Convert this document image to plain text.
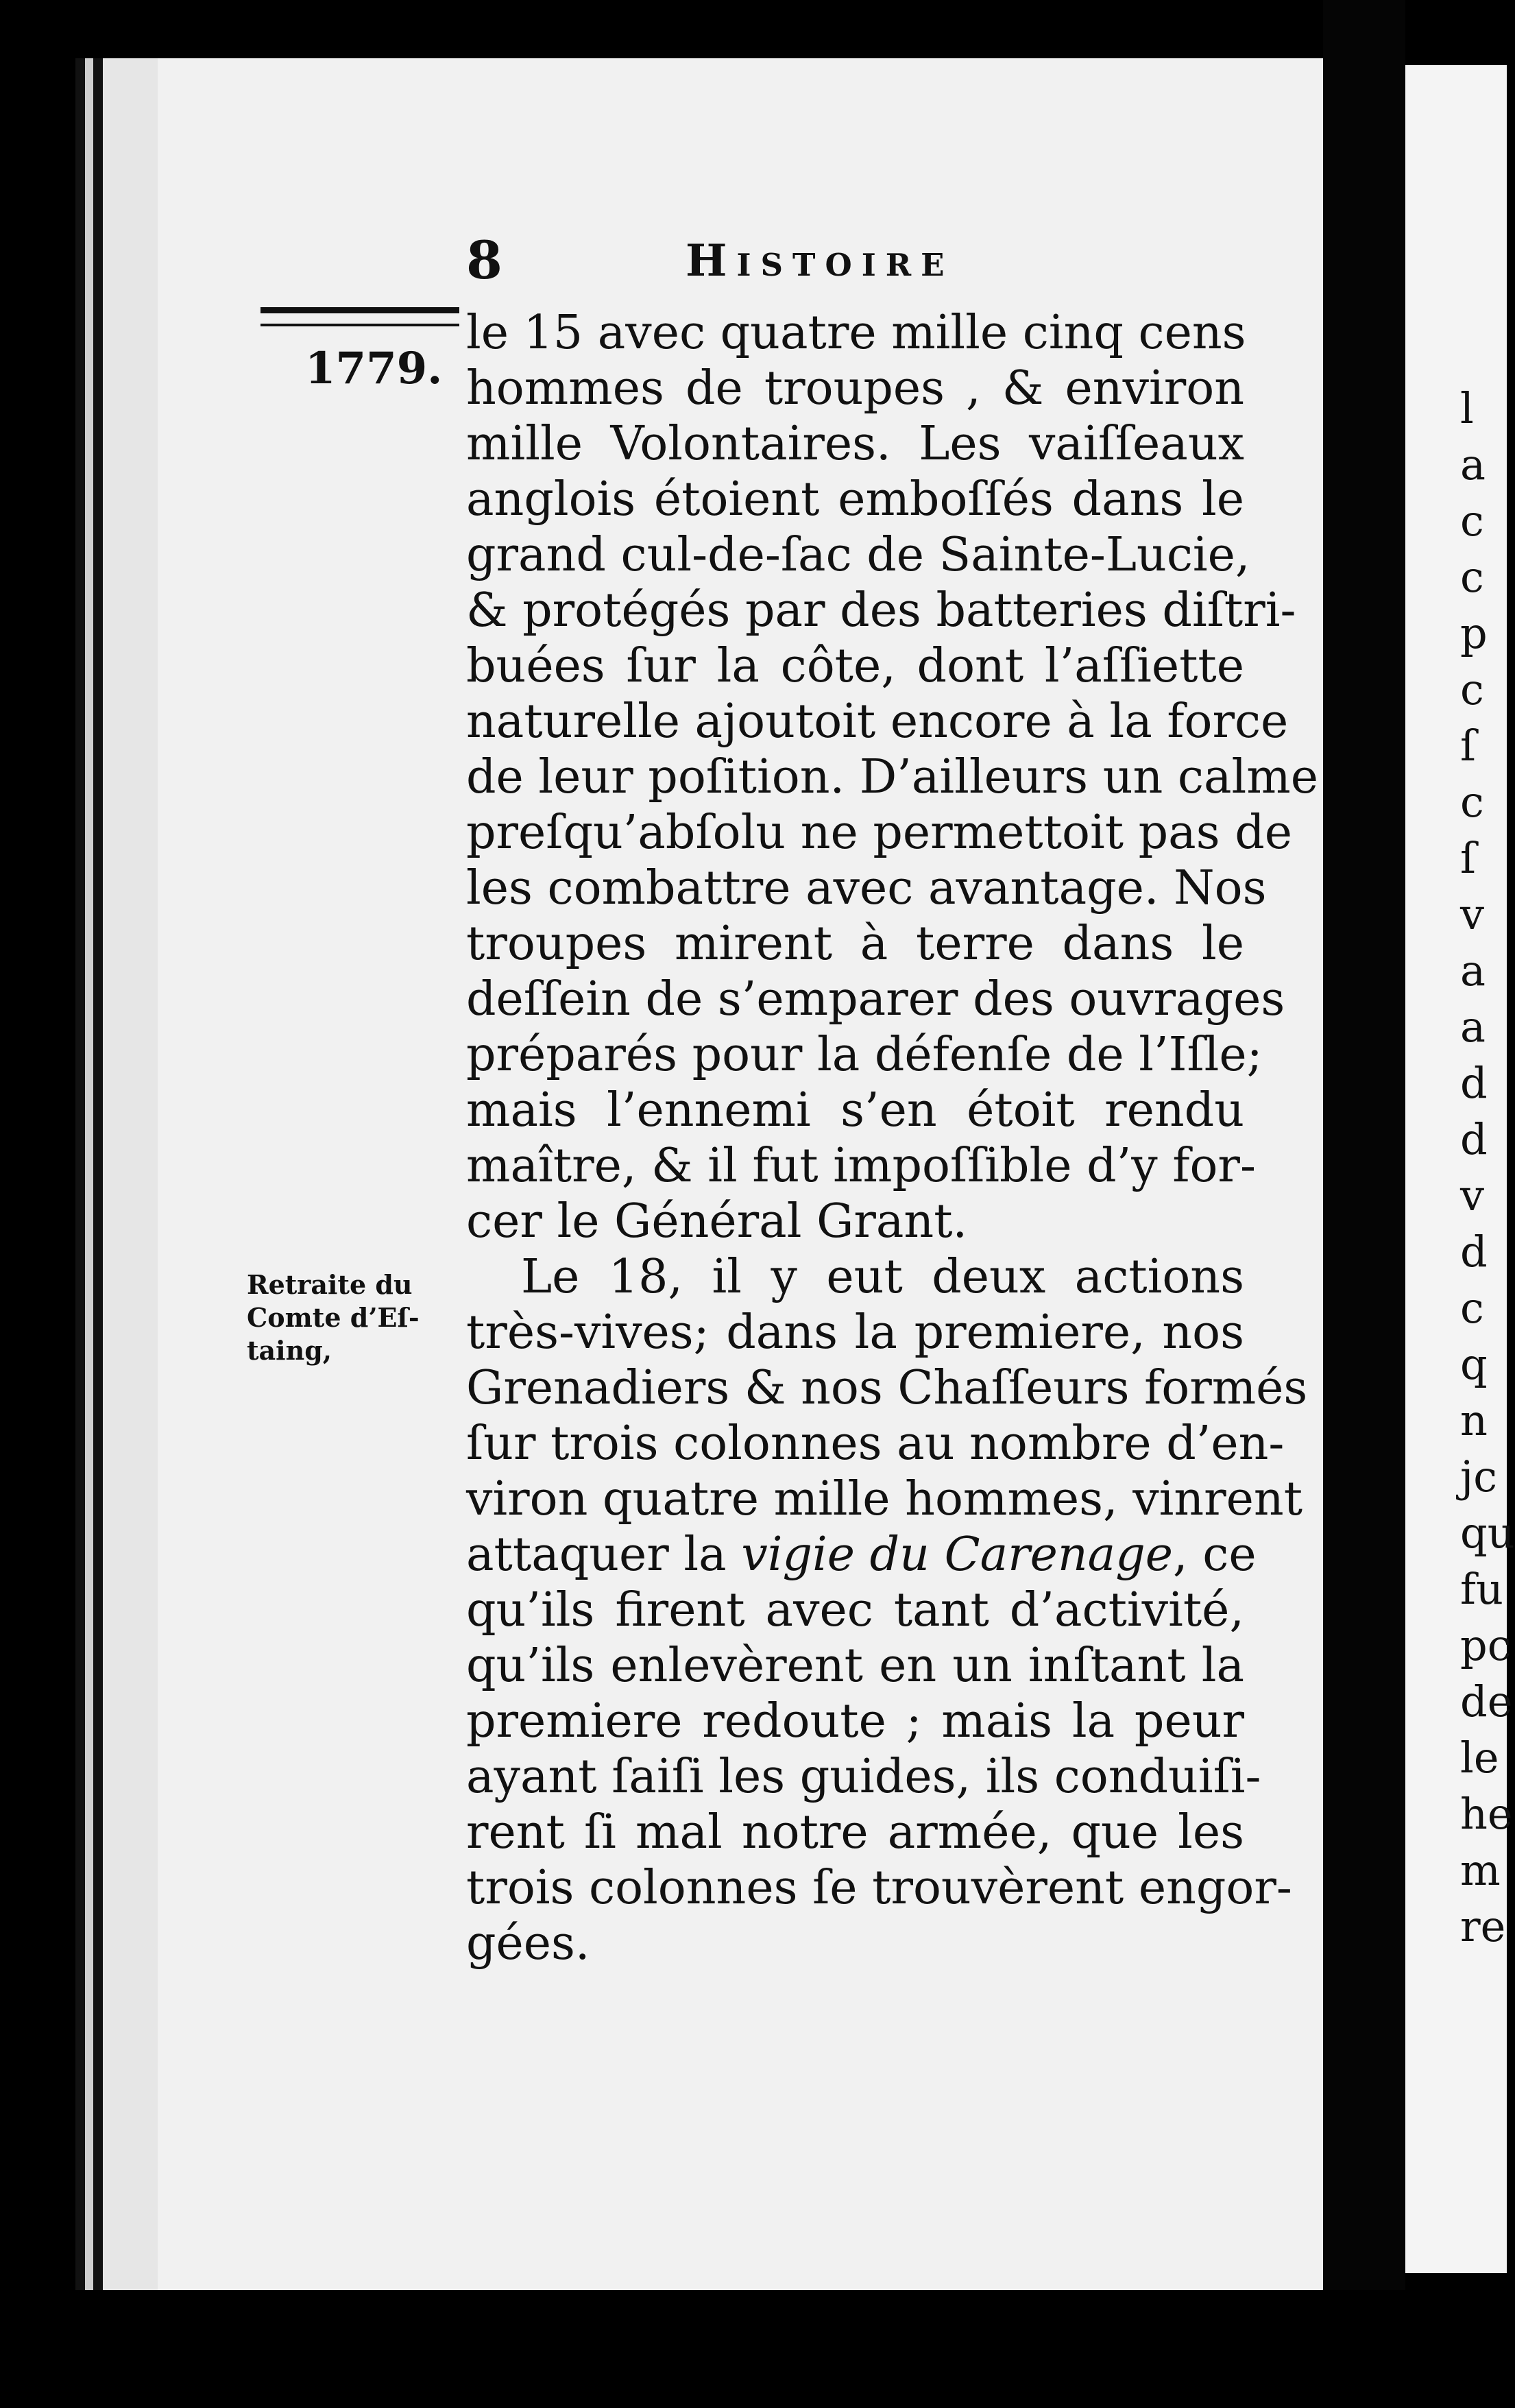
l
a
c
c
p
c
ſ
c
ſ
v
a
a
d
d
v
d
c
q
n
jc
qu
fu
pc
de
le
he
m
re
8	Histoire
1779.
Retraite du
Comte d’Eſ-
taing,
le 15 avec quatre mille cinq cens
hommes de troupes , & environ
mille Volontaires. Les vaiſſeaux
anglois étoient emboſſés dans le
grand cul-de-ſac de Sainte-Lucie,
& protégés par des batteries diſtri-
buées ſur la côte, dont l’aſſiette
naturelle ajoutoit encore à la force
de leur poſition. D’ailleurs un calme
preſqu’abſolu ne permettoit pas de
les combattre avec avantage. Nos
troupes mirent à terre dans le
deſſein de s’emparer des ouvrages
préparés pour la défenſe de l’Iſle;
mais l’ennemi s’en étoit rendu
maître, & il fut impoſſible d’y for-
cer le Général Grant.
Le 18, il y eut deux actions
très-vives; dans la premiere, nos
Grenadiers & nos Chaſſeurs formés
ſur trois colonnes au nombre d’en-
viron quatre mille hommes, vinrent
attaquer la vigie du Carenage, ce
qu’ils firent avec tant d’activité,
qu’ils enlevèrent en un inſtant la
premiere redoute ; mais la peur
ayant ſaiſi les guides, ils conduiſi-
rent ſi mal notre armée, que les
trois colonnes ſe trouvèrent engor-
gées.
